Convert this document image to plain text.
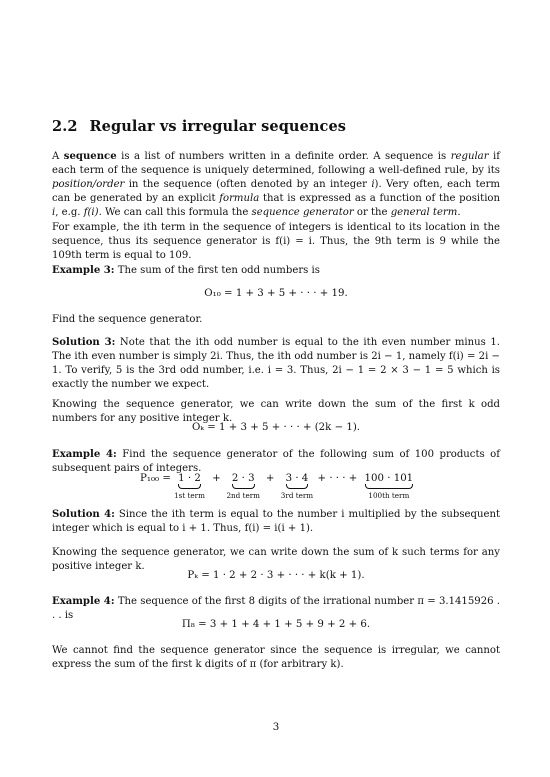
2.2 Regular vs irregular sequences

A sequence is a list of numbers written in a definite order. A sequence is regular if each term of the sequence is uniquely determined, following a well-defined rule, by its position/order in the sequence (often denoted by an integer i). Very often, each term can be generated by an explicit formula that is expressed as a function of the position i, e.g. f(i). We can call this formula the sequence generator or the general term.

For example, the ith term in the sequence of integers is identical to its location in the sequence, thus its sequence generator is f(i) = i. Thus, the 9th term is 9 while the 109th term is equal to 109.

Example 3: The sum of the first ten odd numbers is

O₁₀ = 1 + 3 + 5 + · · · + 19.

Find the sequence generator.

Solution 3: Note that the ith odd number is equal to the ith even number minus 1. The ith even number is simply 2i. Thus, the ith odd number is 2i − 1, namely f(i) = 2i − 1. To verify, 5 is the 3rd odd number, i.e. i = 3. Thus, 2i − 1 = 2 × 3 − 1 = 5 which is exactly the number we expect.

Knowing the sequence generator, we can write down the sum of the first k odd numbers for any positive integer k.

Oₖ = 1 + 3 + 5 + · · · + (2k − 1).

Example 4: Find the sequence generator of the following sum of 100 products of subsequent pairs of integers.

P₁₀₀ = 1 · 2
1st term
+ 2 · 3
2nd term
+ 3 · 4
3rd term
+ · · · + 100 · 101
100th term

Solution 4: Since the ith term is equal to the number i multiplied by the subsequent integer which is equal to i + 1. Thus, f(i) = i(i + 1).

Knowing the sequence generator, we can write down the sum of k such terms for any positive integer k.

Pₖ = 1 · 2 + 2 · 3 + · · · + k(k + 1).

Example 4: The sequence of the first 8 digits of the irrational number π = 3.1415926 . . . is

Π₈ = 3 + 1 + 4 + 1 + 5 + 9 + 2 + 6.

We cannot find the sequence generator since the sequence is irregular, we cannot express the sum of the first k digits of π (for arbitrary k).

3
